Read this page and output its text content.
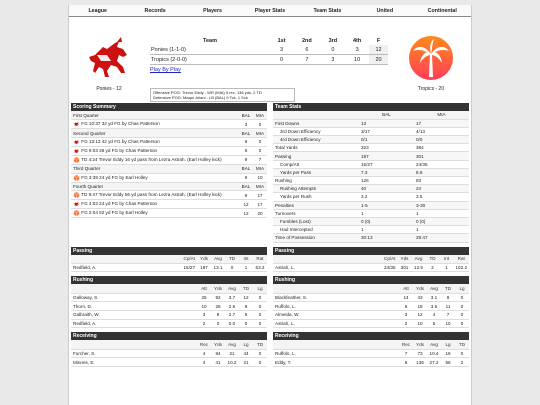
League	Records	Players	Player Stats	Team Stats	United	Continental
Ponies - 12
Team	1st	2nd	3rd	4th	F
Ponies (1-1-0)	3	6	0	3	12
Tropics (2-0-0)	0	7	3	10	20
Play By Play
Offensive POG: Trevor Eddy - WR (MIA) 5 rec, 136 yds, 2 TD
Defensive POG: Maqui Jelani - LB (BAL) 9 Tck, 1 Sck
Tropics - 20
Scoring Summary
First Quarter	BAL	MIA
FG 10:37 32 yd FG by Chas Patterson	3	0
Second Quarter	BAL	MIA
FG 13:13 42 yd FG by Chas Patterson	6	0
FG 9:03 36 yd FG by Chas Patterson	6	0
TD 4:24 Trevor Eddy 16 yd pass from Lezra Astrah. (Earl Holley kick)	9	7
Third Quarter	BAL	MIA
FG 3:38 24 yd FG by Earl Holley	9	10
Fourth Quarter	BAL	MIA
TD 9:47 Trevor Eddy 56 yd pass from Lezra Astrah. (Earl Holley kick)	9	17
FG 4:03 24 yd FG by Chas Patterson	12	17
FG 2:04 52 yd FG by Earl Holley	12	20
Team Stats
	BAL	MIA
First Downs	13	17
3rd Down Efficiency	3/17	4/13
4rd Down Efficiency	0/1	0/0
Total Yards	323	384
Passing	197	301
Comp/Att	15/27	24/35
Yards per Pass	7.3	8.6
Rushing	126	83
Rushing Attempts	40	24
Yards per Rush	3.2	3.5
Penalties	1-5	3-30
Turnovers	1	1
Fumbles (Lost)	0 (0)	0 (0)
Had Intercepted	1	1
Time of Possession	30:13	29:47
Passing
	Cp/At	Yds	Avg	TD	Int	Rat
Redfield, A.	15/27	197	13.1	0	1	63.3
Rushing
	Att	Yds	Avg	TD	Lg
Galloway, S.	25	92	3.7	12	0
Thorn, D.	10	26	2.6	8	0
Galbraith, W.	3	8	2.7	5	0
Redfield, A.	2	0	0.0	0	0
Receiving
	Rec	Yds	Avg	Lg	TD
Furcher, S.	4	84	21	44	0
Minnes, E.	4	41	10.2	21	0
Passing
	Cp/At	Yds	Avg	TD	Int	Rat
Astrah, L.	24/35	301	12.5	2	1	102.2
Rushing
	Att	Yds	Avg	TD	Lg
Blackfeather, S.	14	43	3.1	9	0
Ruffolo, L.	5	18	3.6	11	0
Almeida, W.	3	12	4	7	0
Astrah, L.	2	10	5	10	0
Receiving
	Rec	Yds	Avg	Lg	TD
Ruffolo, L.	7	73	10.4	16	0
Eddy, T.	5	136	27.2	56	2
